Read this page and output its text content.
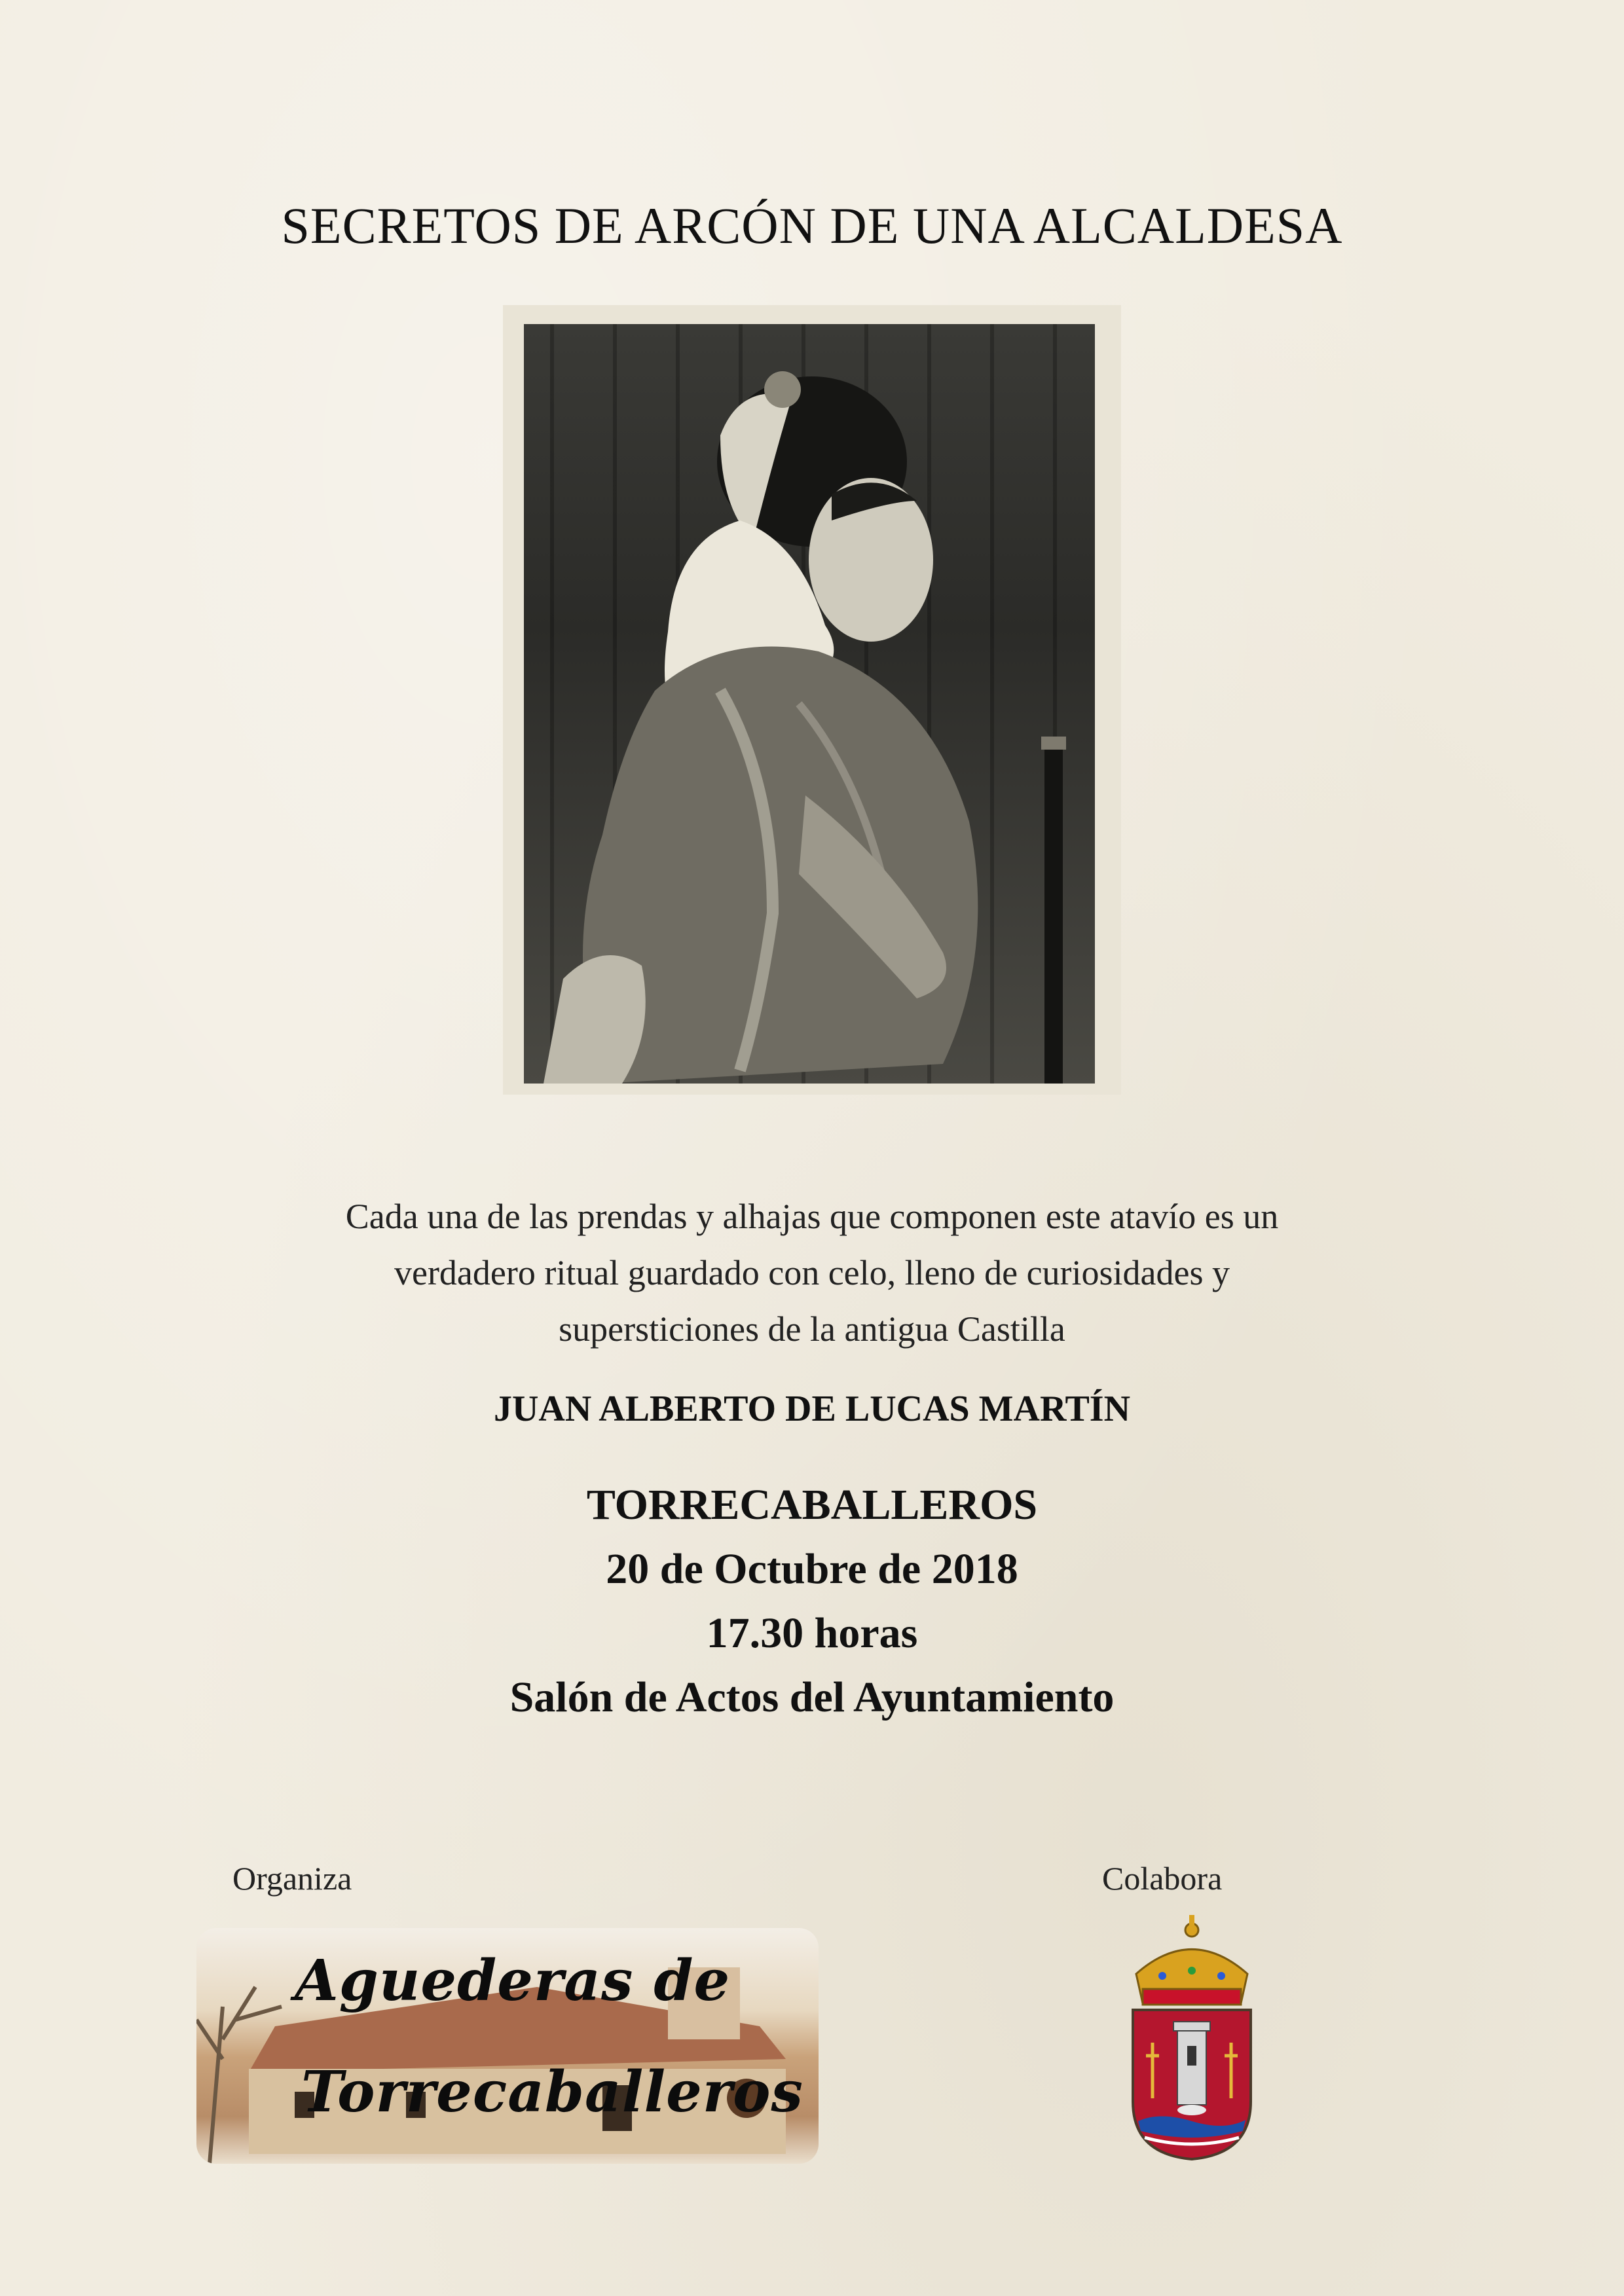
SECRETOS DE ARCÓN DE UNA ALCALDESA
Cada una de las prendas y alhajas que componen este atavío es un
verdadero ritual guardado con celo, lleno de curiosidades y
supersticiones de la antigua Castilla
JUAN ALBERTO DE LUCAS MARTÍN
TORRECABALLEROS
20 de Octubre de 2018
17.30 horas
Salón de Actos del Ayuntamiento
Organiza	Colabora
Aguederas de
Torrecaballeros
